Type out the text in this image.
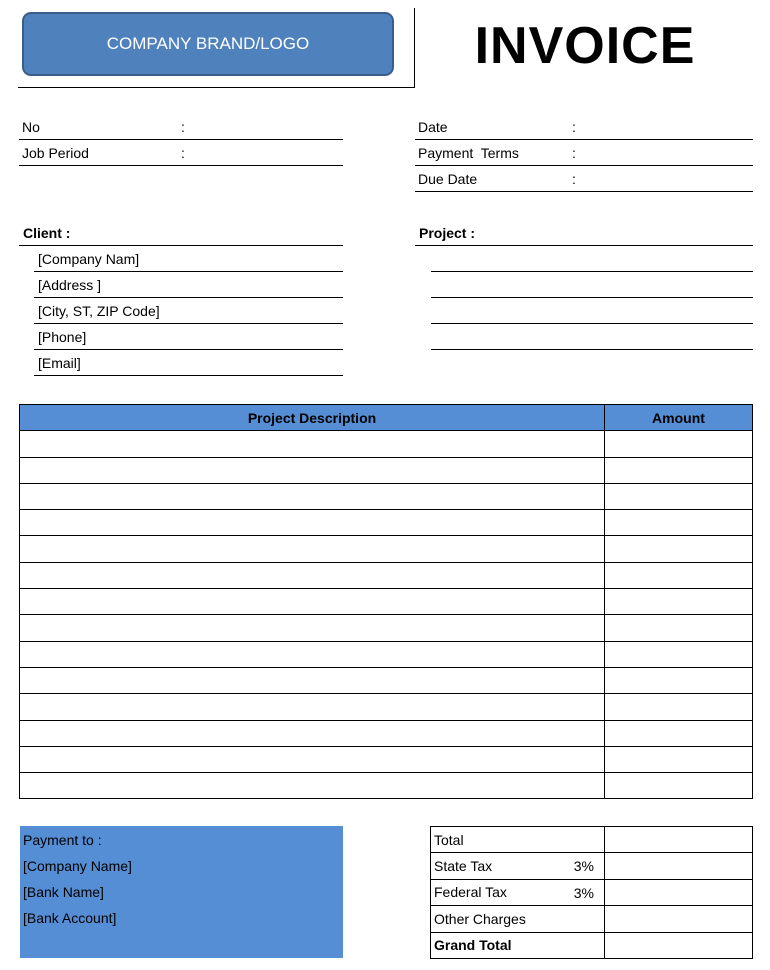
COMPANY BRAND/LOGO	INVOICE
No	:
Job Period	:
Date	:
Payment  Terms	:
Due Date	:
Client :
[Company Nam]
[Address ]
[City, ST, ZIP Code]
[Phone]
[Email]
Project :
Project Description	Amount

Payment to :
[Company Name]
[Bank Name]
[Bank Account]
Total	
State Tax 3%	

Federal Tax 3%	

Other Charges	
Grand Total	
